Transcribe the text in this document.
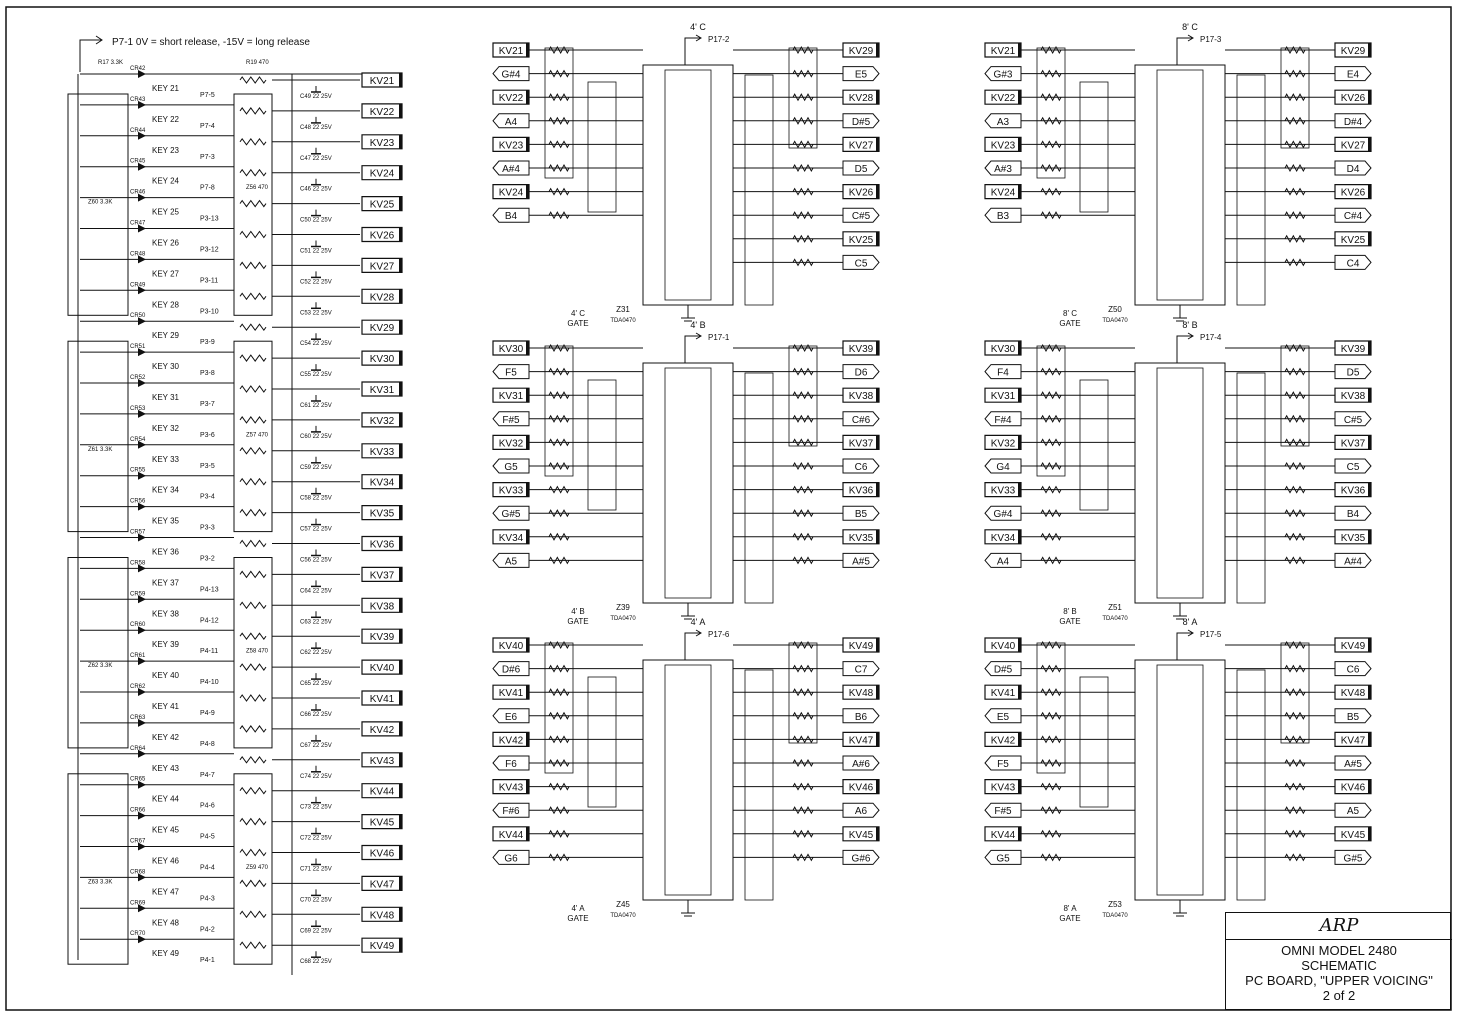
P7-1 0V = short release, -15V = long release
R17 3.3K	R19 470
Z60 3.3K
Z56 470
Z61 3.3K
Z57 470
Z62 3.3K
Z58 470
Z63 3.3K
Z59 470
CR42
KEY 21
P7-5	C49 22 25V
KV21
CR43
KEY 22
P7-4	C48 22 25V
KV22
CR44
KEY 23
P7-3	C47 22 25V
KV23
CR45
KEY 24
P7-8	C46 22 25V
KV24
CR46
KEY 25
P3-13	C50 22 25V
KV25
CR47
KEY 26
P3-12	C51 22 25V
KV26
CR48
KEY 27
P3-11	C52 22 25V
KV27
CR49
KEY 28
P3-10	C53 22 25V
KV28
CR50
KEY 29
P3-9	C54 22 25V
KV29
CR51
KEY 30
P3-8	C55 22 25V
KV30
CR52
KEY 31
P3-7	C61 22 25V
KV31
CR53
KEY 32
P3-6	C60 22 25V
KV32
CR54
KEY 33
P3-5	C59 22 25V
KV33
CR55
KEY 34
P3-4	C58 22 25V
KV34
CR56
KEY 35
P3-3	C57 22 25V
KV35
CR57
KEY 36
P3-2	C56 22 25V
KV36
CR58
KEY 37
P4-13	C64 22 25V
KV37
CR59
KEY 38
P4-12	C63 22 25V
KV38
CR60
KEY 39
P4-11	C62 22 25V
KV39
CR61
KEY 40
P4-10	C65 22 25V
KV40
CR62
KEY 41
P4-9	C66 22 25V
KV41
CR63
KEY 42
P4-8	C67 22 25V
KV42
CR64
KEY 43
P4-7	C74 22 25V
KV43
CR65
KEY 44
P4-6	C73 22 25V
KV44
CR66
KEY 45
P4-5	C72 22 25V
KV45
CR67
KEY 46
P4-4	C71 22 25V
KV46
CR68
KEY 47
P4-3	C70 22 25V
KV47
CR69
KEY 48
P4-2	C69 22 25V
KV48
CR70
KEY 49
P4-1	C68 22 25V
KV49
4' C
P17-2
KV21
G#4
KV22
A4
KV23
A#4
KV24
B4
KV29
E5
KV28
D#5
KV27
D5
KV26
C#5
KV25
C5
4' C
GATE
Z31
TDA0470
8' C
P17-3
KV21
G#3
KV22
A3
KV23
A#3
KV24
B3
KV29
E4
KV26
D#4
KV27
D4
KV26
C#4
KV25
C4
8' C
GATE
Z50
TDA0470
4' B
P17-1
KV30
F5
KV31
F#5
KV32
G5
KV33
G#5
KV34
A5
KV39
D6
KV38
C#6
KV37
C6
KV36
B5
KV35
A#5
4' B
GATE
Z39
TDA0470
8' B
P17-4
KV30
F4
KV31
F#4
KV32
G4
KV33
G#4
KV34
A4
KV39
D5
KV38
C#5
KV37
C5
KV36
B4
KV35
A#4
8' B
GATE
Z51
TDA0470
4' A
P17-6
KV40
D#6
KV41
E6
KV42
F6
KV43
F#6
KV44
G6
KV49
C7
KV48
B6
KV47
A#6
KV46
A6
KV45
G#6
4' A
GATE
Z45
TDA0470
8' A
P17-5
KV40
D#5
KV41
E5
KV42
F5
KV43
F#5
KV44
G5
KV49
C6
KV48
B5
KV47
A#5
KV46
A5
KV45
G#5
8' A
GATE
Z53
TDA0470	ARP
OMNI MODEL 2480
SCHEMATIC
PC BOARD, "UPPER VOICING"
2 of 2
